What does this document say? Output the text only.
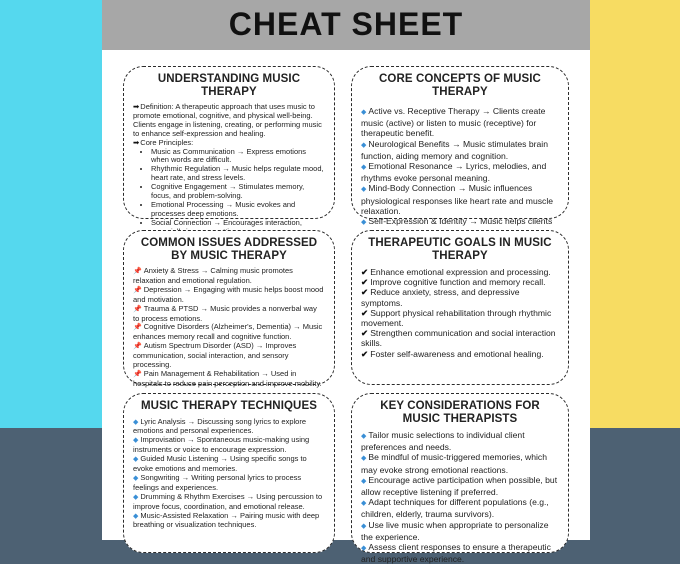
CHEAT SHEET
UNDERSTANDING MUSIC THERAPY
➡Definition: A therapeutic approach that uses music to promote emotional, cognitive, and physical well-being. Clients engage in listening, creating, or performing music to enhance self-expression and healing.
➡Core Principles:
• Music as Communication → Express emotions when words are difficult.
• Rhythmic Regulation → Music helps regulate mood, heart rate, and stress levels.
• Cognitive Engagement → Stimulates memory, focus, and problem-solving.
• Emotional Processing → Music evokes and processes deep emotions.
• Social Connection → Encourages interaction,
COMMON ISSUES ADDRESSED BY MUSIC THERAPY
📌 Anxiety & Stress → Calming music promotes relaxation and emotional regulation.
📌 Depression → Engaging with music helps boost mood and motivation.
📌 Trauma & PTSD → Music provides a nonverbal way to process emotions.
📌 Cognitive Disorders (Alzheimer's, Dementia) → Music enhances memory recall and cognitive function.
📌 Autism Spectrum Disorder (ASD) → Improves communication, social interaction, and sensory processing.
📌 Pain Management & Rehabilitation → Used in hospitals to reduce pain perception and improve mobility.
MUSIC THERAPY TECHNIQUES
◆ Lyric Analysis → Discussing song lyrics to explore emotions and personal experiences.
◆ Improvisation → Spontaneous music-making using instruments or voice to encourage expression.
◆ Guided Music Listening → Using specific songs to evoke emotions and memories.
◆ Songwriting → Writing personal lyrics to process feelings and experiences.
◆ Drumming & Rhythm Exercises → Using percussion to improve focus, coordination, and emotional release.
◆ Music-Assisted Relaxation → Pairing music with deep breathing or visualization techniques.
CORE CONCEPTS OF MUSIC THERAPY
◆ Active vs. Receptive Therapy → Clients create music (active) or listen to music (receptive) for therapeutic benefit.
◆ Neurological Benefits → Music stimulates brain function, aiding memory and cognition.
◆ Emotional Resonance → Lyrics, melodies, and rhythms evoke personal meaning.
◆ Mind-Body Connection → Music influences physiological responses like heart rate and muscle relaxation.
◆ Self-Expression & Identity → Music helps clients
THERAPEUTIC GOALS IN MUSIC THERAPY
✔ Enhance emotional expression and processing.
✔ Improve cognitive function and memory recall.
✔ Reduce anxiety, stress, and depressive symptoms.
✔ Support physical rehabilitation through rhythmic movement.
✔ Strengthen communication and social interaction skills.
✔ Foster self-awareness and emotional healing.
KEY CONSIDERATIONS FOR MUSIC THERAPISTS
◆ Tailor music selections to individual client preferences and needs.
◆ Be mindful of music-triggered memories, which may evoke strong emotional reactions.
◆ Encourage active participation when possible, but allow receptive listening if preferred.
◆ Adapt techniques for different populations (e.g., children, elderly, trauma survivors).
◆ Use live music when appropriate to personalize the experience.
◆ Assess client responses to ensure a therapeutic and supportive experience.
